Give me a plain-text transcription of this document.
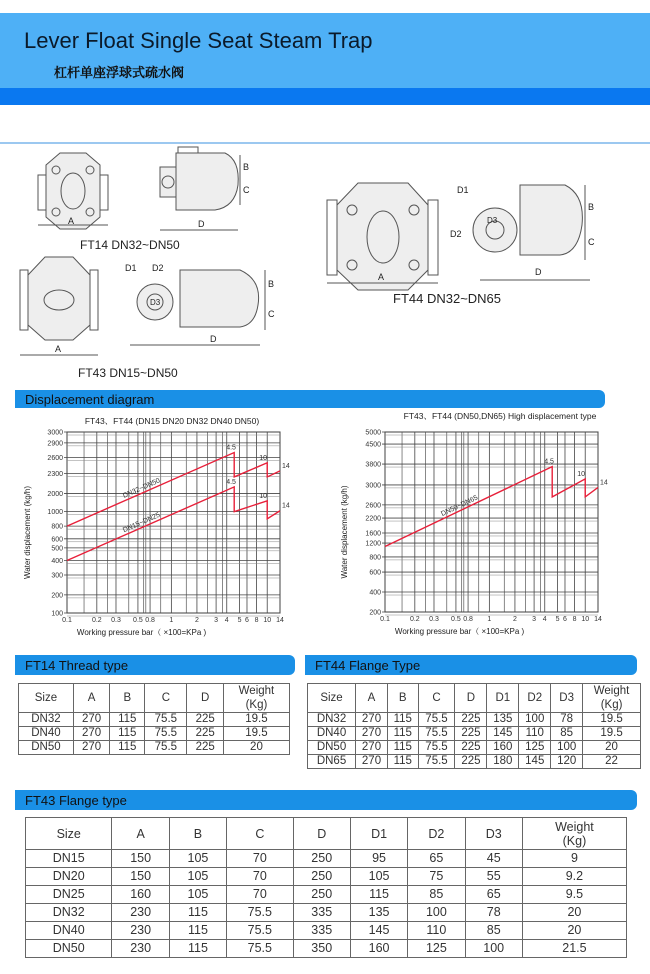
Lever Float Single Seat Steam Trap
杠杆单座浮球式疏水阀
A	D
B
C
FT14 DN32~DN50
A
D1 D2
D3
D
B
C
FT43 DN15~DN50
A
D1
D2
D3
D
B
C
FT44 DN32~DN65
Displacement diagram
FT43、FT44 (DN15 DN20 DN32 DN40 DN50)
0.1	0.2 0.3 0.5 0.8 1	2 3 4 5 6 8 10 14
3000
2900
2600
2300
2000
1000
800
600
500
400
300
200
100
Working pressure bar（ ×100=KPa )
Water displacement (kg/h)	DN32~DN50
4.5
10
14
DN15~DN25
4.5
10
14
FT43、FT44 (DN50,DN65) High displacement type
0.1	0.2 0.3 0.5 0.8 1	2 3 4 5 6 8 10 14
5000
4500
3800
3000
2600
2200
1600
1200
800
600
400
200
Working pressure bar（ ×100=KPa )
Water displacement (kg/h)	DN50~DN65
4.5
10
14
FT14 Thread type
Size	A	B	C	D	Weight
(Kg)
DN32	270	115	75.5	225	19.5
DN40	270	115	75.5	225	19.5
DN50	270	115	75.5	225	20
FT44 Flange Type
Size	A	B	C	D	D1	D2	D3	Weight
(Kg)
DN32	270	115	75.5	225	135	100	78	19.5
DN40	270	115	75.5	225	145	110	85	19.5
DN50	270	115	75.5	225	160	125	100	20
DN65	270	115	75.5	225	180	145	120	22
FT43 Flange type
Size	A	B	C	D	D1	D2	D3	Weight
(Kg)
DN15	150	105	70	250	95	65	45	9
DN20	150	105	70	250	105	75	55	9.2
DN25	160	105	70	250	115	85	65	9.5
DN32	230	115	75.5	335	135	100	78	20
DN40	230	115	75.5	335	145	110	85	20
DN50	230	115	75.5	350	160	125	100	21.5
